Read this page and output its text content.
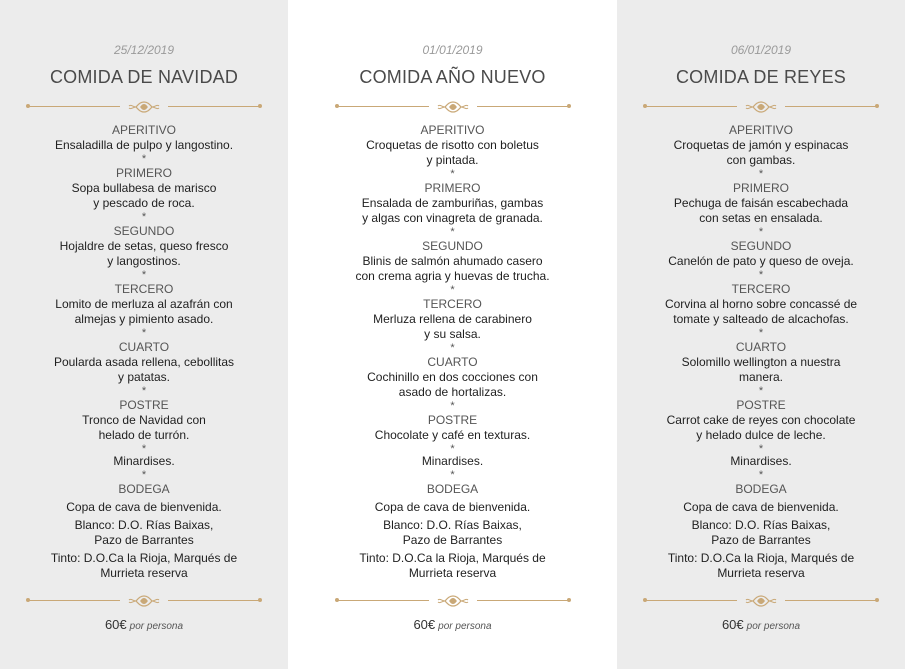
25/12/2019
COMIDA DE NAVIDAD
APERITIVO
Ensaladilla de pulpo y langostino.
*
PRIMERO
Sopa bullabesa de marisco
y pescado de roca.
*
SEGUNDO
Hojaldre de setas, queso fresco
y langostinos.
*
TERCERO
Lomito de merluza al azafrán con
almejas y pimiento asado.
*
CUARTO
Poularda asada rellena, cebollitas
y patatas.
*
POSTRE
Tronco de Navidad con
helado de turrón.
*
Minardises.
*
BODEGA
Copa de cava de bienvenida.
Blanco: D.O. Rías Baixas,
Pazo de Barrantes
Tinto: D.O.Ca la Rioja, Marqués de
Murrieta reserva
60€ por persona
01/01/2019
COMIDA AÑO NUEVO
APERITIVO
Croquetas de risotto con boletus
y pintada.
*
PRIMERO
Ensalada de zamburiñas, gambas
y algas con vinagreta de granada.
*
SEGUNDO
Blinis de salmón ahumado casero
con crema agria y huevas de trucha.
*
TERCERO
Merluza rellena de carabinero
y su salsa.
*
CUARTO
Cochinillo en dos cocciones con
asado de hortalizas.
*
POSTRE
Chocolate y café en texturas.
*
Minardises.
*
BODEGA
Copa de cava de bienvenida.
Blanco: D.O. Rías Baixas,
Pazo de Barrantes
Tinto: D.O.Ca la Rioja, Marqués de
Murrieta reserva
60€ por persona
06/01/2019
COMIDA DE REYES
APERITIVO
Croquetas de jamón y espinacas
con gambas.
*
PRIMERO
Pechuga de faisán escabechada
con setas en ensalada.
*
SEGUNDO
Canelón de pato y queso de oveja.
*
TERCERO
Corvina al horno sobre concassé de
tomate y salteado de alcachofas.
*
CUARTO
Solomillo wellington a nuestra
manera.
*
POSTRE
Carrot cake de reyes con chocolate
y helado dulce de leche.
*
Minardises.
*
BODEGA
Copa de cava de bienvenida.
Blanco: D.O. Rías Baixas,
Pazo de Barrantes
Tinto: D.O.Ca la Rioja, Marqués de
Murrieta reserva
60€ por persona
